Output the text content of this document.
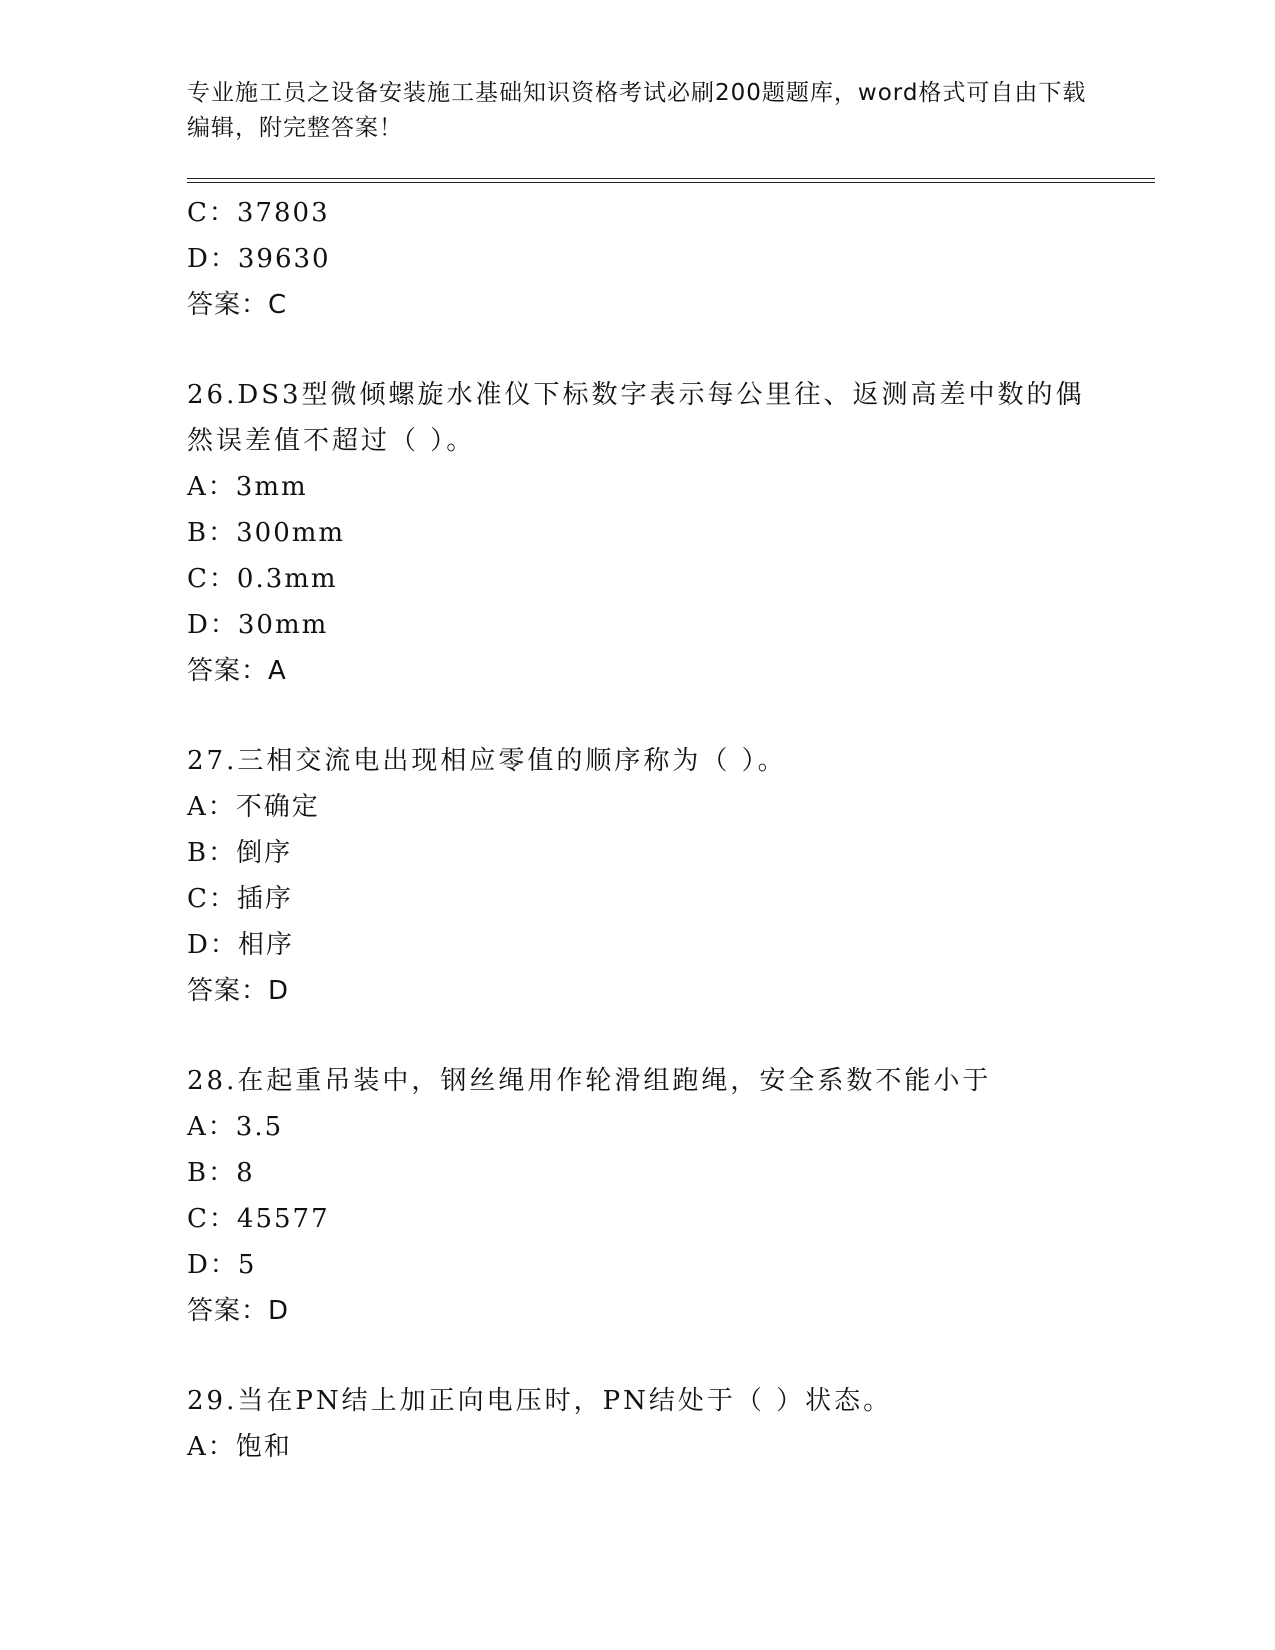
专业施工员之设备安装施工基础知识资格考试必刷200题题库，word格式可自由下载编辑，附完整答案！
C：37803
D：39630
答案：C
26.DS3型微倾螺旋水准仪下标数字表示每公里往、返测高差中数的偶然误差值不超过（ ）。
A：3mm
B：300mm
C：0.3mm
D：30mm
答案：A
27.三相交流电出现相应零值的顺序称为（ ）。
A：不确定
B：倒序
C：插序
D：相序
答案：D
28.在起重吊装中，钢丝绳用作轮滑组跑绳，安全系数不能小于
A：3.5
B：8
C：45577
D：5
答案：D
29.当在PN结上加正向电压时，PN结处于（ ）状态。
A：饱和
